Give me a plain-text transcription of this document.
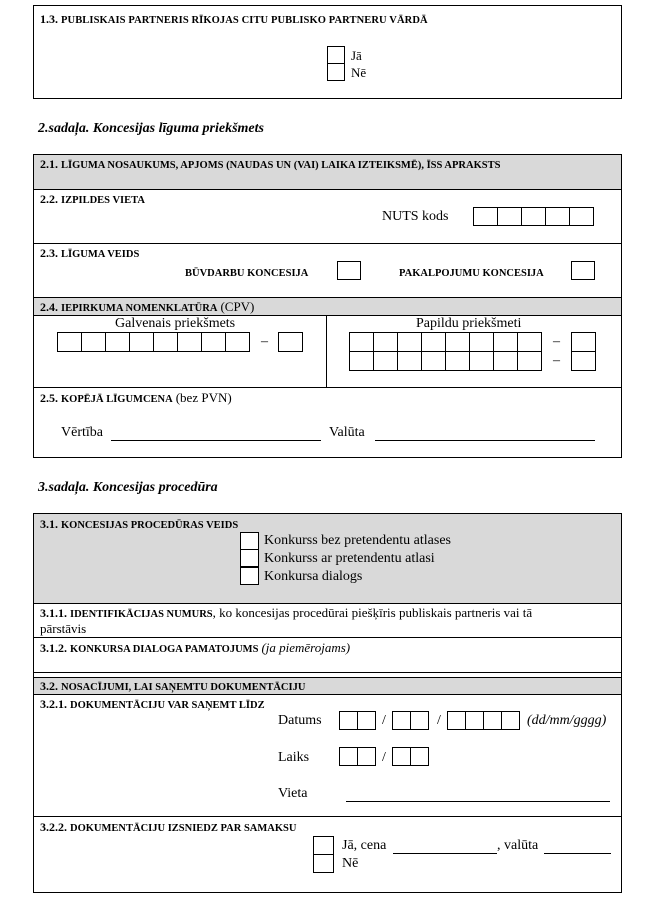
1.3. PUBLISKAIS PARTNERIS RĪKOJAS CITU PUBLISKO PARTNERU VĀRDĀ
Jā
Nē
2.sadaļa. Koncesijas līguma priekšmets
2.1. LĪGUMA NOSAUKUMS, APJOMS (NAUDAS UN (VAI) LAIKA IZTEIKSMĒ), ĪSS APRAKSTS
2.2. IZPILDES VIETA
NUTS kods
2.3. LĪGUMA VEIDS
BŪVDARBU KONCESIJA	PAKALPOJUMU KONCESIJA
2.4. IEPIRKUMA NOMENKLATŪRA (CPV)
Galvenais priekšmets
–
Papildu priekšmeti
–
–
2.5. KOPĒJĀ LĪGUMCENA (bez PVN)
Vērtība	Valūta
3.sadaļa. Koncesijas procedūra
3.1. KONCESIJAS PROCEDŪRAS VEIDS
Konkurss bez pretendentu atlases
Konkurss ar pretendentu atlasi
Konkursa dialogs
3.1.1. IDENTIFIKĀCIJAS NUMURS, ko koncesijas procedūrai piešķīris publiskais partneris vai tā
pārstāvis
3.1.2. KONKURSA DIALOGA PAMATOJUMS (ja piemērojams)
3.2. NOSACĪJUMI, LAI SAŅEMTU DOKUMENTĀCIJU
3.2.1. DOKUMENTĀCIJU VAR SAŅEMT LĪDZ
Datums	/	/	(dd/mm/gggg)
Laiks	/
Vieta
3.2.2. DOKUMENTĀCIJU IZSNIEDZ PAR SAMAKSU
Jā, cena	, valūta
Nē
